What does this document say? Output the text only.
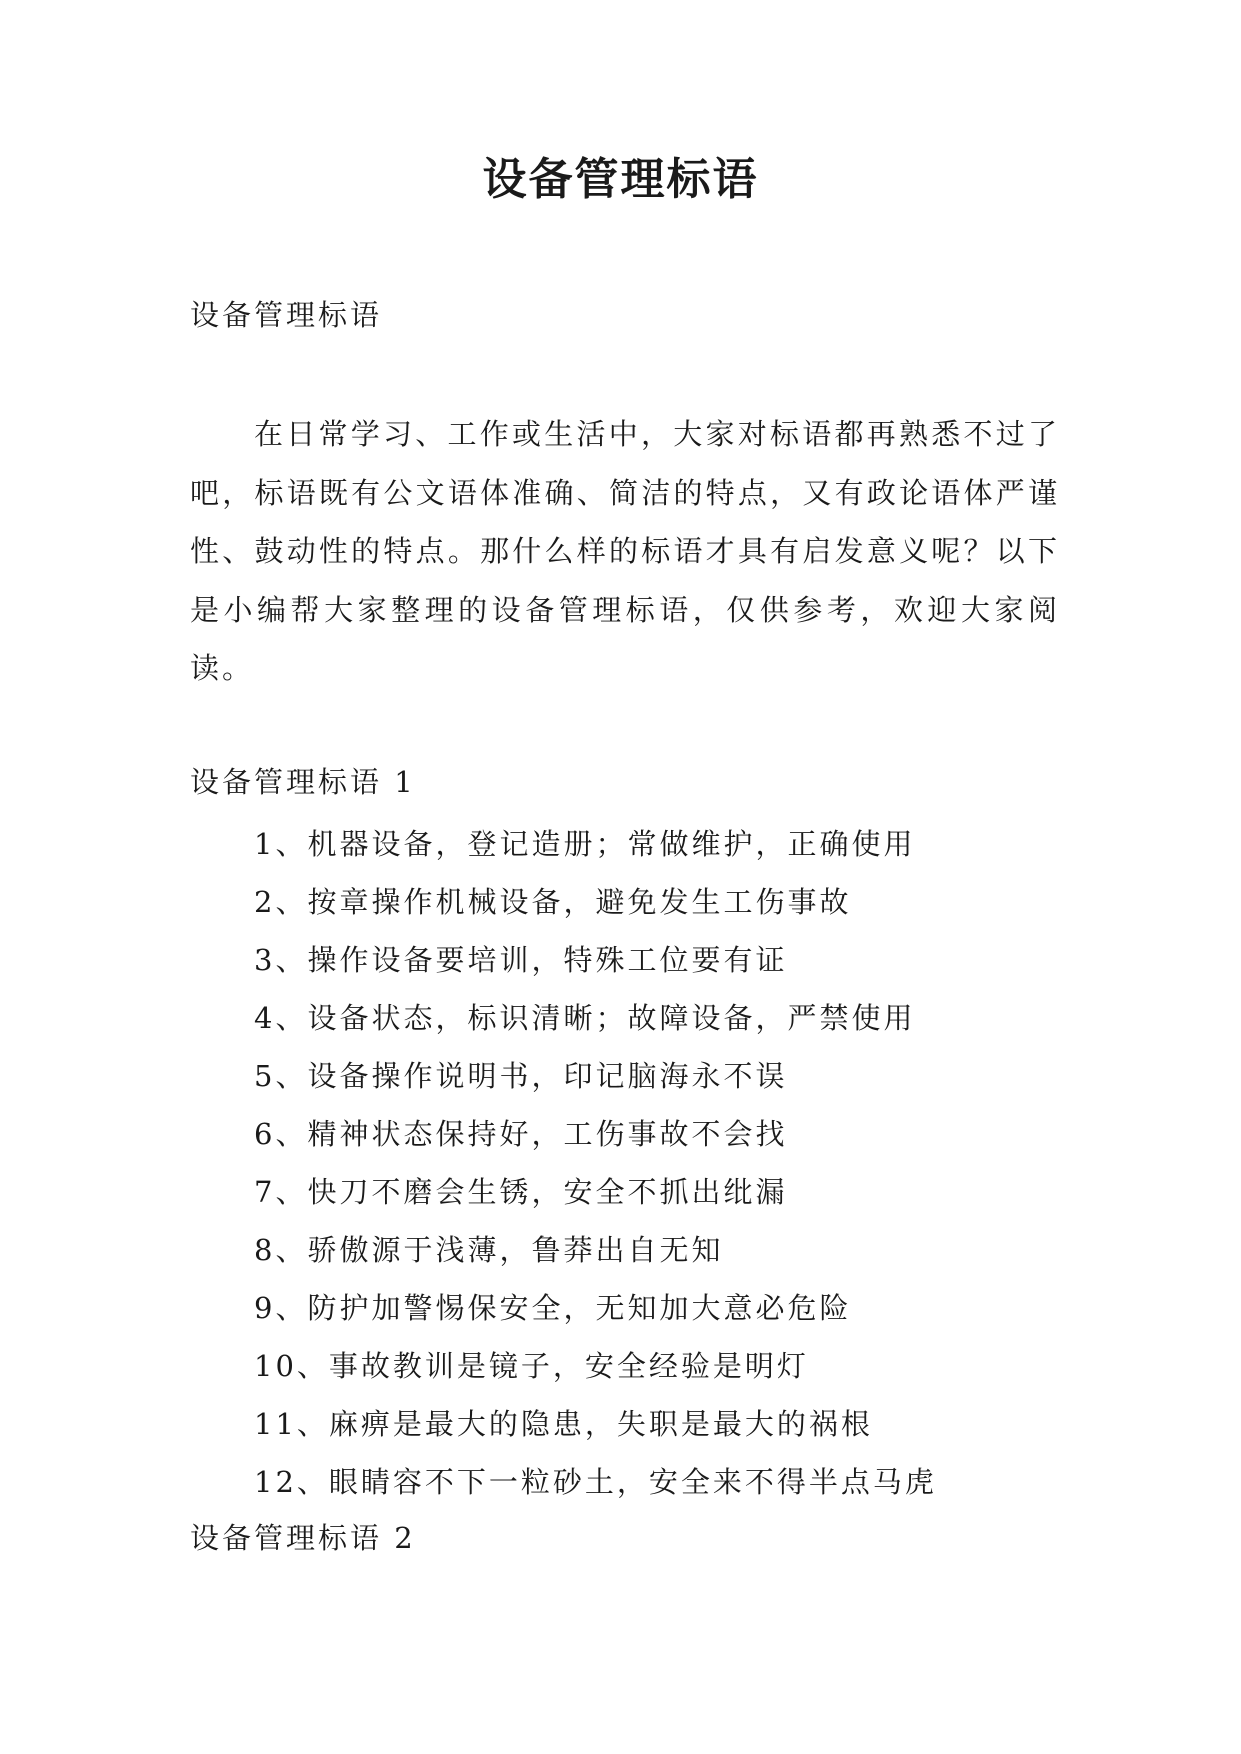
设备管理标语
设备管理标语

在日常学习、工作或生活中，大家对标语都再熟悉不过了吧，标语既有公文语体准确、简洁的特点，又有政论语体严谨性、鼓动性的特点。那什么样的标语才具有启发意义呢？以下是小编帮大家整理的设备管理标语，仅供参考，欢迎大家阅读。

设备管理标语 1
1、机器设备，登记造册；常做维护，正确使用
2、按章操作机械设备，避免发生工伤事故
3、操作设备要培训，特殊工位要有证
4、设备状态，标识清晰；故障设备，严禁使用
5、设备操作说明书，印记脑海永不误
6、精神状态保持好，工伤事故不会找
7、快刀不磨会生锈，安全不抓出纰漏
8、骄傲源于浅薄，鲁莽出自无知
9、防护加警惕保安全，无知加大意必危险
10、事故教训是镜子，安全经验是明灯
11、麻痹是最大的隐患，失职是最大的祸根
12、眼睛容不下一粒砂土，安全来不得半点马虎
设备管理标语 2
